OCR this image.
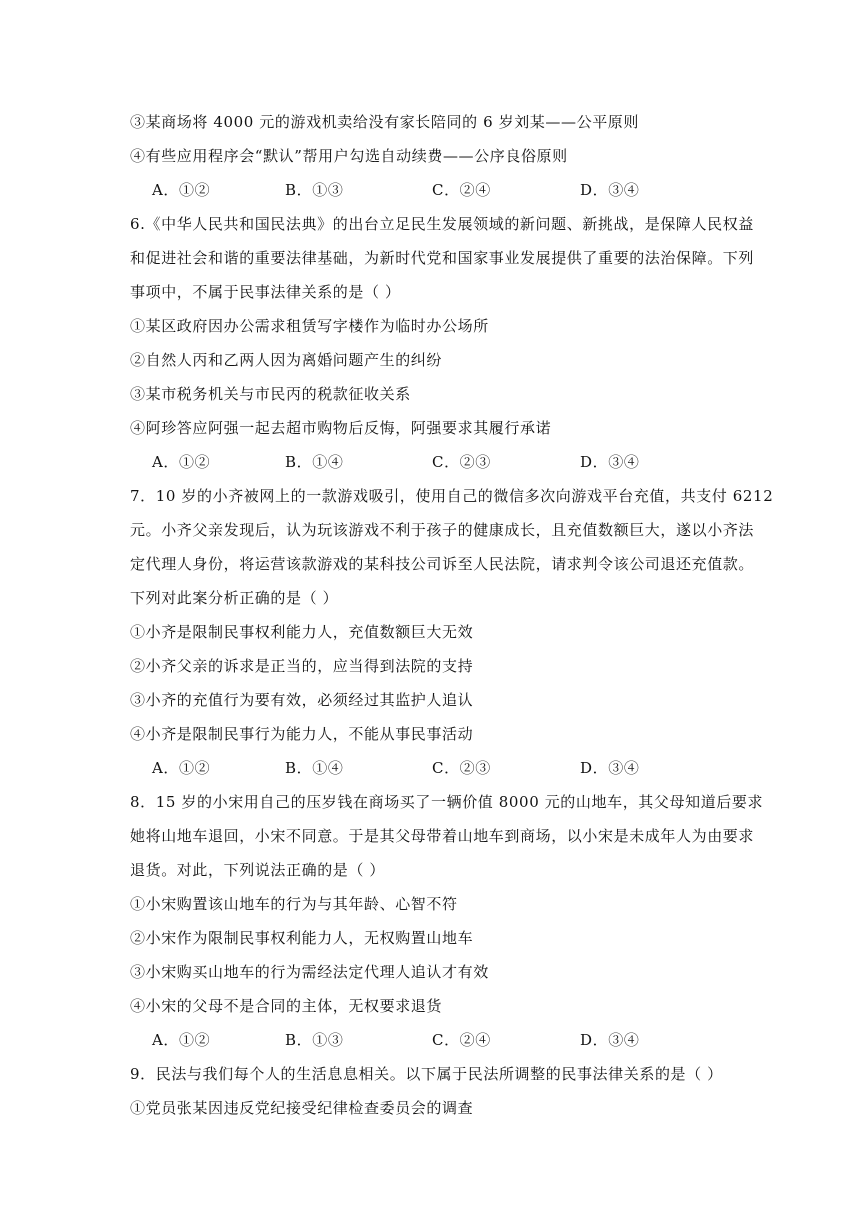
③某商场将 4000 元的游戏机卖给没有家长陪同的 6 岁刘某——公平原则
④有些应用程序会“默认”帮用户勾选自动续费——公序良俗原则
A．①②	B．①③	C．②④	D．③④
6.《中华人民共和国民法典》的出台立足民生发展领域的新问题、新挑战，是保障人民权益
和促进社会和谐的重要法律基础，为新时代党和国家事业发展提供了重要的法治保障。下列
事项中，不属于民事法律关系的是（ ）
①某区政府因办公需求租赁写字楼作为临时办公场所
②自然人丙和乙两人因为离婚问题产生的纠纷
③某市税务机关与市民丙的税款征收关系
④阿珍答应阿强一起去超市购物后反悔，阿强要求其履行承诺
A．①②	B．①④	C．②③	D．③④
7．10 岁的小齐被网上的一款游戏吸引，使用自己的微信多次向游戏平台充值，共支付 6212
元。小齐父亲发现后，认为玩该游戏不利于孩子的健康成长，且充值数额巨大，遂以小齐法
定代理人身份，将运营该款游戏的某科技公司诉至人民法院，请求判令该公司退还充值款。
下列对此案分析正确的是（ ）
①小齐是限制民事权利能力人，充值数额巨大无效
②小齐父亲的诉求是正当的，应当得到法院的支持
③小齐的充值行为要有效，必须经过其监护人追认
④小齐是限制民事行为能力人，不能从事民事活动
A．①②	B．①④	C．②③	D．③④
8．15 岁的小宋用自己的压岁钱在商场买了一辆价值 8000 元的山地车，其父母知道后要求
她将山地车退回，小宋不同意。于是其父母带着山地车到商场，以小宋是未成年人为由要求
退货。对此，下列说法正确的是（ ）
①小宋购置该山地车的行为与其年龄、心智不符
②小宋作为限制民事权利能力人，无权购置山地车
③小宋购买山地车的行为需经法定代理人追认才有效
④小宋的父母不是合同的主体，无权要求退货
A．①②	B．①③	C．②④	D．③④
9．民法与我们每个人的生活息息相关。以下属于民法所调整的民事法律关系的是（ ）
①党员张某因违反党纪接受纪律检查委员会的调查
